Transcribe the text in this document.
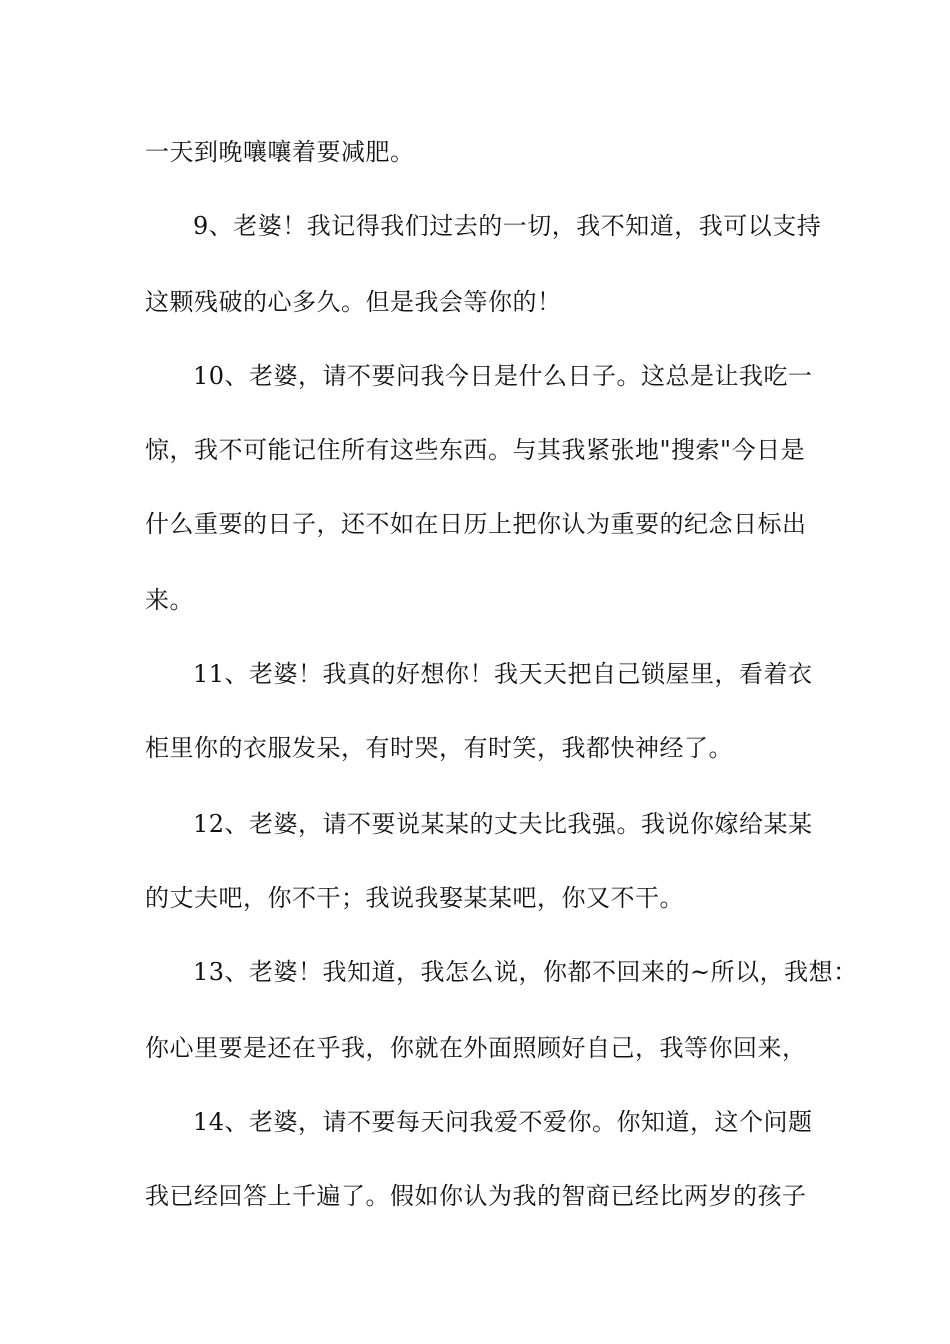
一天到晚嚷嚷着要减肥。
9、老婆！我记得我们过去的一切，我不知道，我可以支持
这颗残破的心多久。但是我会等你的！
10、老婆，请不要问我今日是什么日子。这总是让我吃一
惊，我不可能记住所有这些东西。与其我紧张地"搜索"今日是
什么重要的日子，还不如在日历上把你认为重要的纪念日标出
来。
11、老婆！我真的好想你！我天天把自己锁屋里，看着衣
柜里你的衣服发呆，有时哭，有时笑，我都快神经了。
12、老婆，请不要说某某的丈夫比我强。我说你嫁给某某
的丈夫吧，你不干；我说我娶某某吧，你又不干。
13、老婆！我知道，我怎么说，你都不回来的~所以，我想：
你心里要是还在乎我，你就在外面照顾好自己，我等你回来，
14、老婆，请不要每天问我爱不爱你。你知道，这个问题
我已经回答上千遍了。假如你认为我的智商已经比两岁的孩子
